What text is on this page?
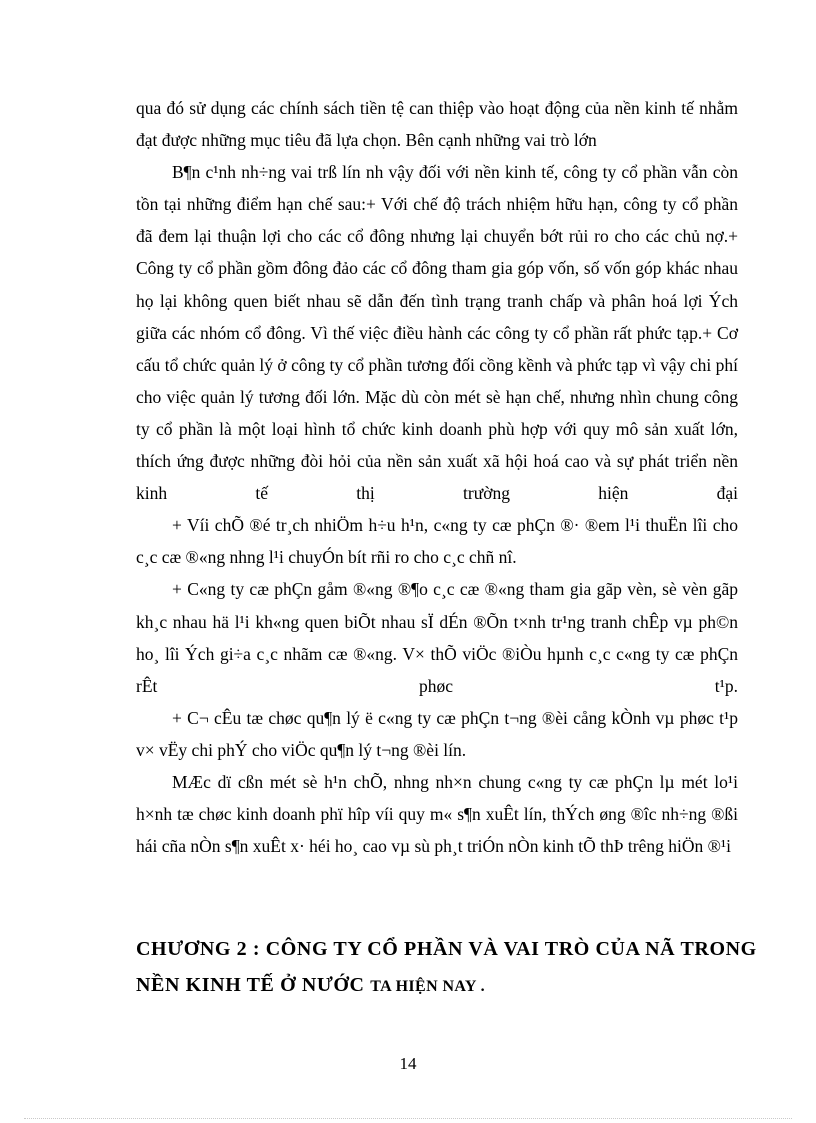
qua đó sử dụng các chính sách tiền tệ can thiệp vào hoạt động của nền kinh tế nhằm đạt được những mục tiêu đã lựa chọn. Bên cạnh những vai trò lớn

B¶n c¹nh nh÷ng vai trß lín nh vậy đối với nền kinh tế, công ty cổ phần vẫn còn tồn tại những điểm hạn chế sau:+ Với chế độ trách nhiệm hữu hạn, công ty cổ phần đã đem lại thuận lợi cho các cổ đông nhưng lại chuyển bớt rủi ro cho các chủ nợ.+ Công ty cổ phần gồm đông đảo các cổ đông tham gia góp vốn, số vốn góp khác nhau họ lại không quen biết nhau sẽ dẫn đến tình trạng tranh chấp và phân hoá lợi Ých giữa các nhóm cổ đông. Vì thế việc điều hành các công ty cổ phần rất phức tạp.+ Cơ cấu tổ chức quản lý ở công ty cổ phần tương đối cồng kềnh và phức tạp vì vậy chi phí cho việc quản lý tương đối lớn. Mặc dù còn mét sè hạn chế, nhưng nhìn chung công ty cổ phần là một loại hình tổ chức kinh doanh phù hợp với quy mô sản xuất lớn, thích ứng được những đòi hỏi của nền sản xuất xã hội hoá cao và sự phát triển nền kinh tế thị trường hiện đại

+ Víi chÕ ®é tr¸ch nhiÖm h÷u h¹n, c«ng ty cæ phÇn ®· ®em l¹i thuËn lîi cho c¸c cæ ®«ng nhng l¹i chuyÓn bít rñi ro cho c¸c chñ nî.

+ C«ng ty cæ phÇn gåm ®«ng ®¶o c¸c cæ ®«ng tham gia gãp vèn, sè vèn gãp kh¸c nhau hä l¹i kh«ng quen biÕt nhau sÏ dÉn ®Õn t×nh tr¹ng tranh chÊp vµ ph©n ho¸ lîi Ých gi÷a c¸c nhãm cæ ®«ng. V× thÕ viÖc ®iÒu hµnh c¸c c«ng ty cæ phÇn rÊt phøc t¹p.

+ C¬ cÊu tæ chøc qu¶n lý ë c«ng ty cæ phÇn t¬ng ®èi cång kÒnh vµ phøc t¹p v× vËy chi phÝ cho viÖc qu¶n lý t¬ng ®èi lín.

MÆc dï cßn mét sè h¹n chÕ, nhng nh×n chung c«ng ty cæ phÇn lµ mét lo¹i h×nh tæ chøc kinh doanh phï hîp víi quy m« s¶n xuÊt lín, thÝch øng ®îc nh÷ng ®ßi hái cña nÒn s¶n xuÊt x· héi ho¸ cao vµ sù ph¸t triÓn nÒn kinh tÕ thÞ trêng hiÖn ®¹i

CHƯƠNG 2 : CÔNG TY CỔ PHẦN VÀ VAI TRÒ CỦA NÃ TRONG NỀN KINH TẾ Ở NƯỚC TA HIỆN NAY .
14
